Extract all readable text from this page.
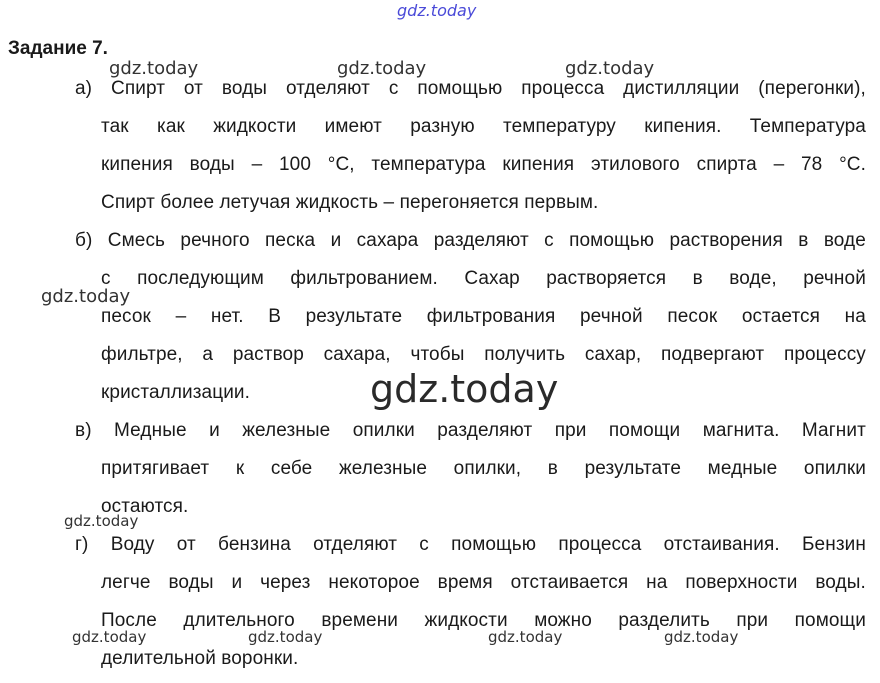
gdz.today
gdz.today	gdz.today	gdz.today
gdz.today
gdz.today
gdz.today
gdz.today	gdz.today	gdz.today	gdz.today
Задание 7.
а) Спирт от воды отделяют с помощью процесса дистилляции (перегонки),
так как жидкости имеют разную температуру кипения. Температура
кипения воды – 100 °С, температура кипения этилового спирта – 78 °С.
Спирт более летучая жидкость – перегоняется первым.
б) Смесь речного песка и сахара разделяют с помощью растворения в воде
с последующим фильтрованием. Сахар растворяется в воде, речной
песок – нет. В результате фильтрования речной песок остается на
фильтре, а раствор сахара, чтобы получить сахар, подвергают процессу
кристаллизации.
в) Медные и железные опилки разделяют при помощи магнита. Магнит
притягивает к себе железные опилки, в результате медные опилки
остаются.
г) Воду от бензина отделяют с помощью процесса отстаивания. Бензин
легче воды и через некоторое время отстаивается на поверхности воды.
После длительного времени жидкости можно разделить при помощи
делительной воронки.
